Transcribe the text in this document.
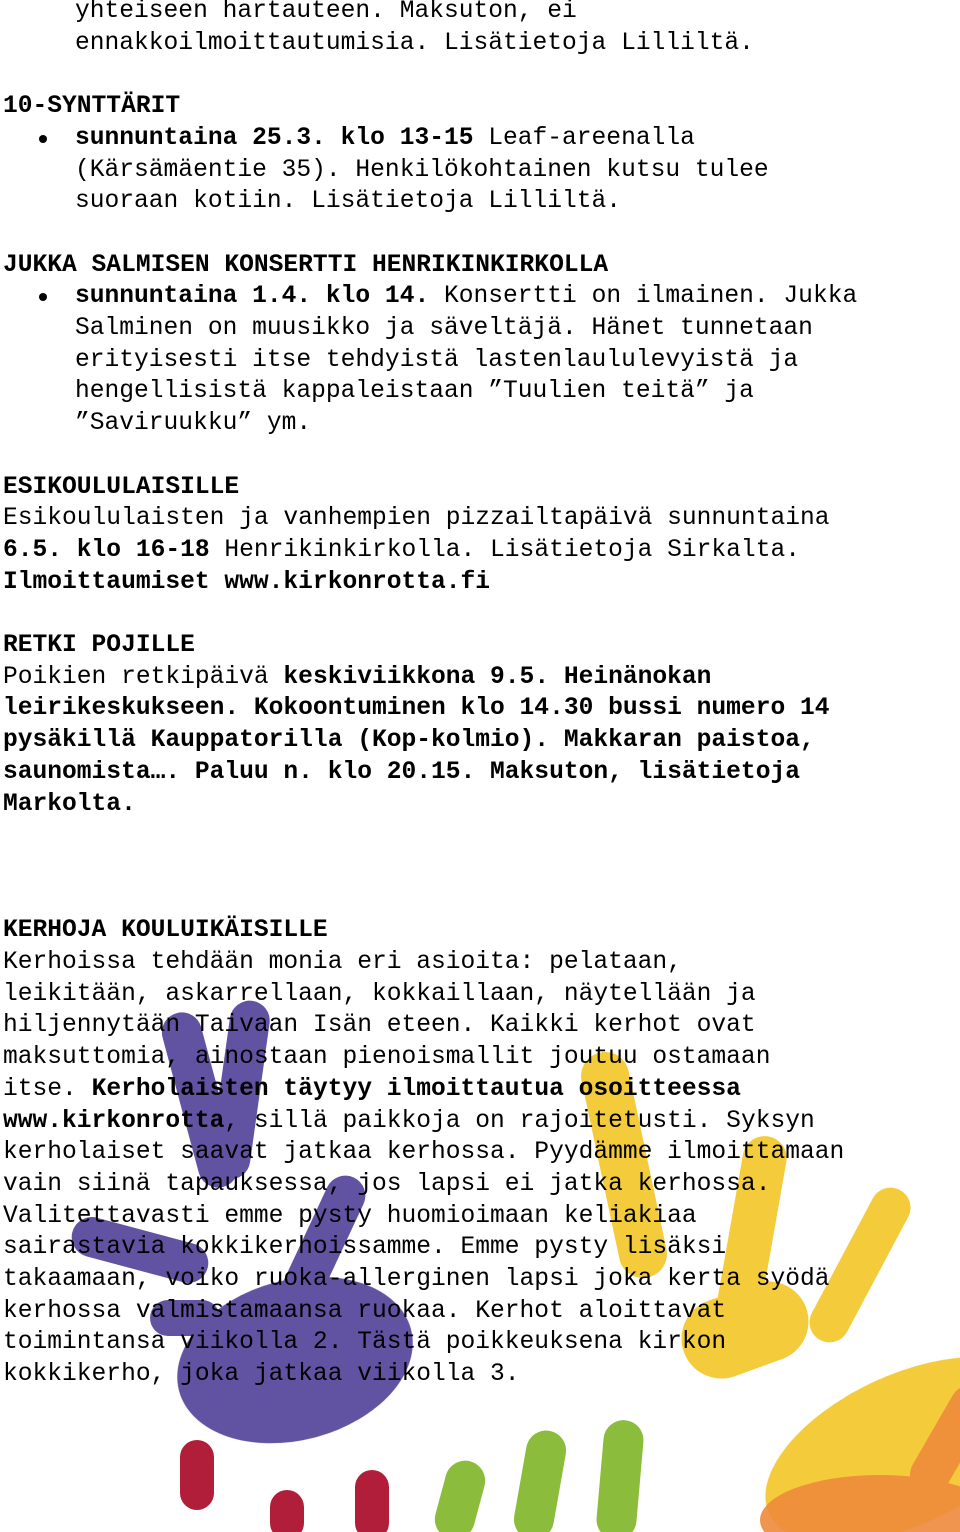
yhteiseen hartauteen. Maksuton, ei

ennakkoilmoittautumisia. Lisätietoja Lilliltä.

10-SYNTTÄRIT

sunnuntaina 25.3. klo 13-15 Leaf-areenalla

(Kärsämäentie 35). Henkilökohtainen kutsu tulee

suoraan kotiin. Lisätietoja Lilliltä.

JUKKA SALMISEN KONSERTTI HENRIKINKIRKOLLA

sunnuntaina 1.4. klo 14. Konsertti on ilmainen. Jukka

Salminen on muusikko ja säveltäjä. Hänet tunnetaan

erityisesti itse tehdyistä lastenlaululevyistä ja

hengellisistä kappaleistaan ”Tuulien teitä” ja

”Saviruukku” ym.

ESIKOULULAISILLE

Esikoululaisten ja vanhempien pizzailtapäivä sunnuntaina

6.5. klo 16-18 Henrikinkirkolla. Lisätietoja Sirkalta.

Ilmoittaumiset www.kirkonrotta.fi

RETKI POJILLE

Poikien retkipäivä keskiviikkona 9.5. Heinänokan

leirikeskukseen. Kokoontuminen klo 14.30 bussi numero 14

pysäkillä Kauppatorilla (Kop-kolmio). Makkaran paistoa,

saunomista…. Paluu n. klo 20.15. Maksuton, lisätietoja

Markolta.

KERHOJA KOULUIKÄISILLE

Kerhoissa tehdään monia eri asioita: pelataan,

leikitään, askarrellaan, kokkaillaan, näytellään ja

hiljennytään Taivaan Isän eteen. Kaikki kerhot ovat

maksuttomia, ainostaan pienoismallit joutuu ostamaan

itse. Kerholaisten täytyy ilmoittautua osoitteessa

www.kirkonrotta, sillä paikkoja on rajoitetusti. Syksyn

kerholaiset saavat jatkaa kerhossa. Pyydämme ilmoittamaan

vain siinä tapauksessa, jos lapsi ei jatka kerhossa.

Valitettavasti emme pysty huomioimaan keliakiaa

sairastavia kokkikerhoissamme. Emme pysty lisäksi

takaamaan, voiko ruoka-allerginen lapsi joka kerta syödä

kerhossa valmistamaansa ruokaa. Kerhot aloittavat

toimintansa viikolla 2. Tästä poikkeuksena kirkon

kokkikerho, joka jatkaa viikolla 3.
